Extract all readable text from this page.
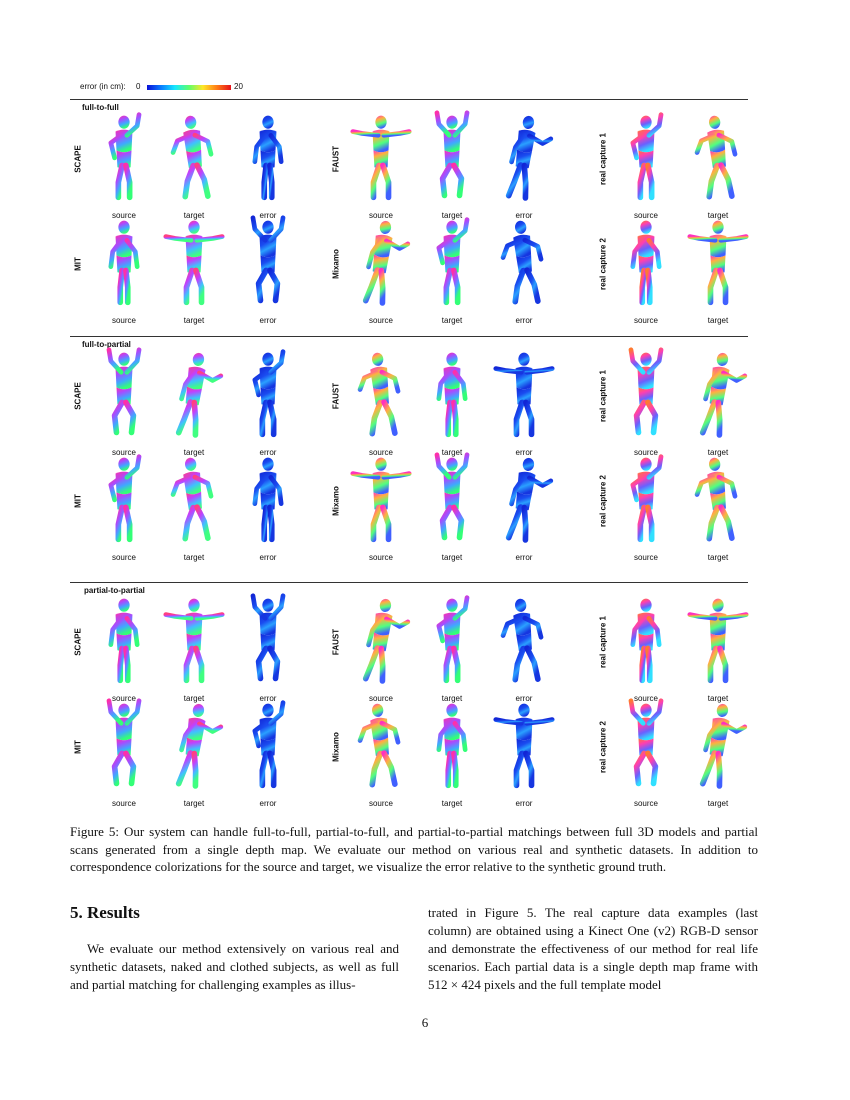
error (in cm): 0	20
full-to-full
SCAPE
source	target	error
FAUST
source	target	error
real capture 1
source	target
MIT
source	target	error
Mixamo
source	target	error
real capture 2
source	target
full-to-partial
SCAPE
source	target	error
FAUST
source	target	error
real capture 1
source	target
MIT
source	target	error
Mixamo
source	target	error
real capture 2
source	target
partial-to-partial
SCAPE
source	target	error
FAUST
source	target	error
real capture 1
source	target
MIT
source	target	error
Mixamo
source	target	error
real capture 2
source	target
Figure 5: Our system can handle full-to-full, partial-to-full, and partial-to-partial matchings between full 3D models and partial scans generated from a single depth map. We evaluate our method on various real and synthetic datasets. In addition to correspondence colorizations for the source and target, we visualize the error relative to the synthetic ground truth.
5. Results
We evaluate our method extensively on various real and synthetic datasets, naked and clothed subjects, as well as full and partial matching for challenging examples as illus-
trated in Figure 5. The real capture data examples (last column) are obtained using a Kinect One (v2) RGB-D sensor and demonstrate the effectiveness of our method for real life scenarios. Each partial data is a single depth map frame with 512 × 424 pixels and the full template model
6
